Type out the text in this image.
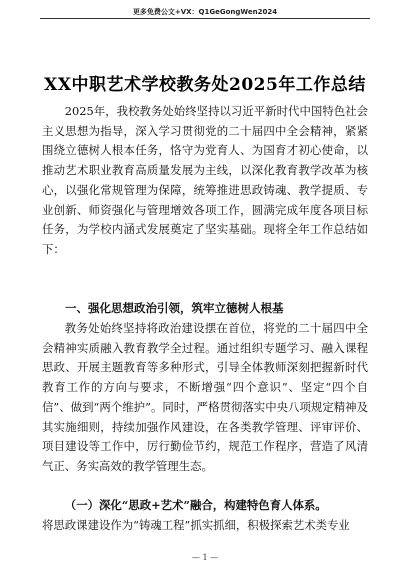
更多免费公文+VX：Q1GeGongWen2024
XX中职艺术学校教务处2025年工作总结
2025年，我校教务处始终坚持以习近平新时代中国特色社会主义思想为指导，深入学习贯彻党的二十届四中全会精神，紧紧围绕立德树人根本任务，恪守为党育人、为国育才初心使命，以推动艺术职业教育高质量发展为主线，以深化教育教学改革为核心，以强化常规管理为保障，统筹推进思政铸魂、教学提质、专业创新、师资强化与管理增效各项工作，圆满完成年度各项目标任务，为学校内涵式发展奠定了坚实基础。现将全年工作总结如下：
一、强化思想政治引领，筑牢立德树人根基
教务处始终坚持将政治建设摆在首位，将党的二十届四中全会精神实质融入教育教学全过程。通过组织专题学习、融入课程思政、开展主题教育等多种形式，引导全体教师深刻把握新时代教育工作的方向与要求，不断增强“四个意识”、坚定“四个自信”、做到“两个维护”。同时，严格贯彻落实中央八项规定精神及其实施细则，持续加强作风建设，在各类教学管理、评审评价、项目建设等工作中，厉行勤俭节约，规范工作程序，营造了风清气正、务实高效的教学管理生态。
（一）深化“思政+艺术”融合，构建特色育人体系。
将思政课建设作为“铸魂工程”抓实抓细，积极探索艺术类专业
— 1 —
